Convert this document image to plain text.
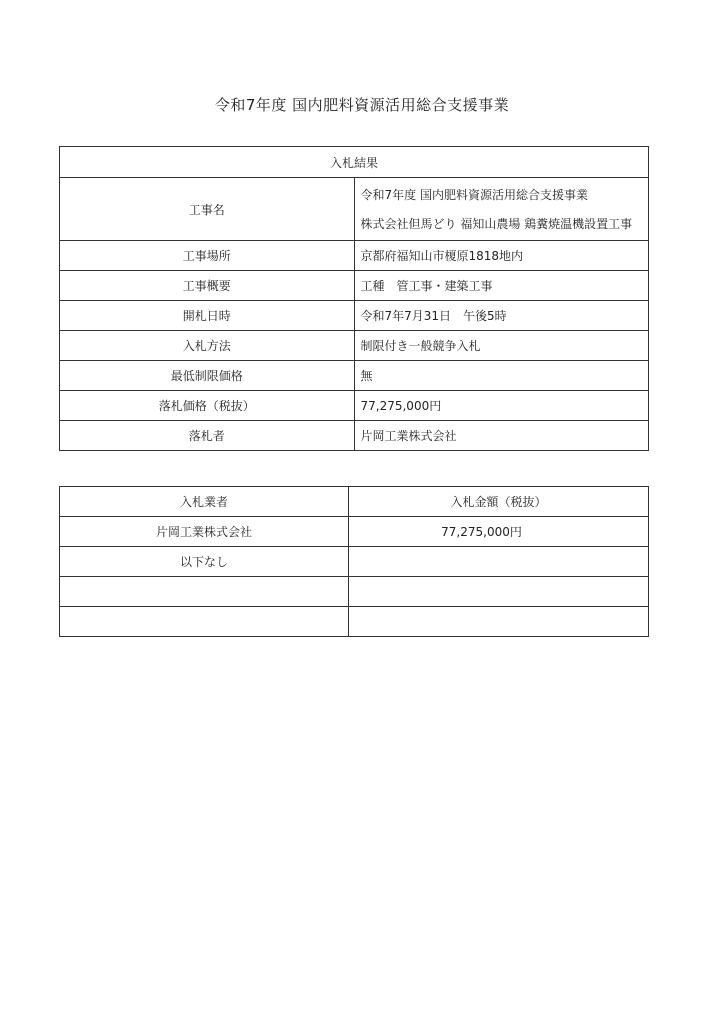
令和7年度 国内肥料資源活用総合支援事業
入札結果	
工事名	令和7年度 国内肥料資源活用総合支援事業
株式会社但馬どり 福知山農場 鶏糞焼温機設置工事

工事場所	京都府福知山市榎原1818地内
工事概要	工種　管工事・建築工事
開札日時	令和7年7月31日　午後5時
入札方法	制限付き一般競争入札
最低制限価格	無
落札価格（税抜）	77,275,000円
落札者	片岡工業株式会社
入札業者	入札金額（税抜）
片岡工業株式会社	77,275,000円
以下なし	
